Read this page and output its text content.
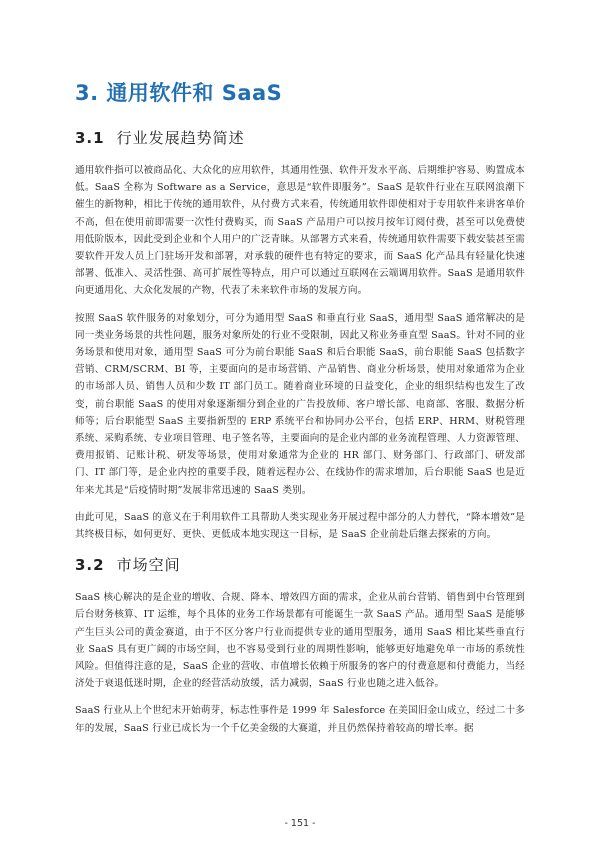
3. 通用软件和 SaaS
3.1 行业发展趋势简述

通用软件指可以被商品化、大众化的应用软件，其通用性强、软件开发水平高、后期维护容易、购置成本低。SaaS 全称为 Software as a Service，意思是“软件即服务”。SaaS 是软件行业在互联网浪潮下催生的新物种，相比于传统的通用软件，从付费方式来看，传统通用软件即使相对于专用软件来讲客单价不高，但在使用前即需要一次性付费购买，而 SaaS 产品用户可以按月按年订阅付费，甚至可以免费使用低阶版本，因此受到企业和个人用户的广泛青睐。从部署方式来看，传统通用软件需要下载安装甚至需要软件开发人员上门驻场开发和部署，对承载的硬件也有特定的要求，而 SaaS 化产品具有轻量化快速部署、低准入、灵活性强、高可扩展性等特点，用户可以通过互联网在云端调用软件。SaaS 是通用软件向更通用化、大众化发展的产物，代表了未来软件市场的发展方向。

按照 SaaS 软件服务的对象划分，可分为通用型 SaaS 和垂直行业 SaaS，通用型 SaaS 通常解决的是同一类业务场景的共性问题，服务对象所处的行业不受限制，因此又称业务垂直型 SaaS。针对不同的业务场景和使用对象，通用型 SaaS 可分为前台职能 SaaS 和后台职能 SaaS，前台职能 SaaS 包括数字营销、CRM/SCRM、BI 等，主要面向的是市场营销、产品销售、商业分析场景，使用对象通常为企业的市场部人员、销售人员和少数 IT 部门员工。随着商业环境的日益变化，企业的组织结构也发生了改变，前台职能 SaaS 的使用对象逐渐细分到企业的广告投放师、客户增长部、电商部、客服、数据分析师等；后台职能型 SaaS 主要指新型的 ERP 系统平台和协同办公平台，包括 ERP、HRM、财税管理系统、采购系统、专业项目管理、电子签名等，主要面向的是企业内部的业务流程管理、人力资源管理、费用报销、记账计税、研发等场景，使用对象通常为企业的 HR 部门、财务部门、行政部门、研发部门、IT 部门等，是企业内控的重要手段，随着远程办公、在线协作的需求增加，后台职能 SaaS 也是近年来尤其是“后疫情时期”发展非常迅速的 SaaS 类别。

由此可见，SaaS 的意义在于利用软件工具帮助人类实现业务开展过程中部分的人力替代，“降本增效”是其终极目标，如何更好、更快、更低成本地实现这一目标，是 SaaS 企业前赴后继去探索的方向。

3.2 市场空间

SaaS 核心解决的是企业的增收、合规、降本、增效四方面的需求，企业从前台营销、销售到中台管理到后台财务核算、IT 运维，每个具体的业务工作场景都有可能诞生一款 SaaS 产品。通用型 SaaS 是能够产生巨头公司的黄金赛道，由于不区分客户行业而提供专业的通用型服务，通用 SaaS 相比某些垂直行业 SaaS 具有更广阔的市场空间，也不容易受到行业的周期性影响，能够更好地避免单一市场的系统性风险。但值得注意的是，SaaS 企业的营收、市值增长依赖于所服务的客户的付费意愿和付费能力，当经济处于衰退低迷时期，企业的经营活动放缓，活力减弱，SaaS 行业也随之进入低谷。

SaaS 行业从上个世纪末开始萌芽，标志性事件是 1999 年 Salesforce 在美国旧金山成立，经过二十多年的发展，SaaS 行业已成长为一个千亿美金级的大赛道，并且仍然保持着较高的增长率。据

- 151 -
